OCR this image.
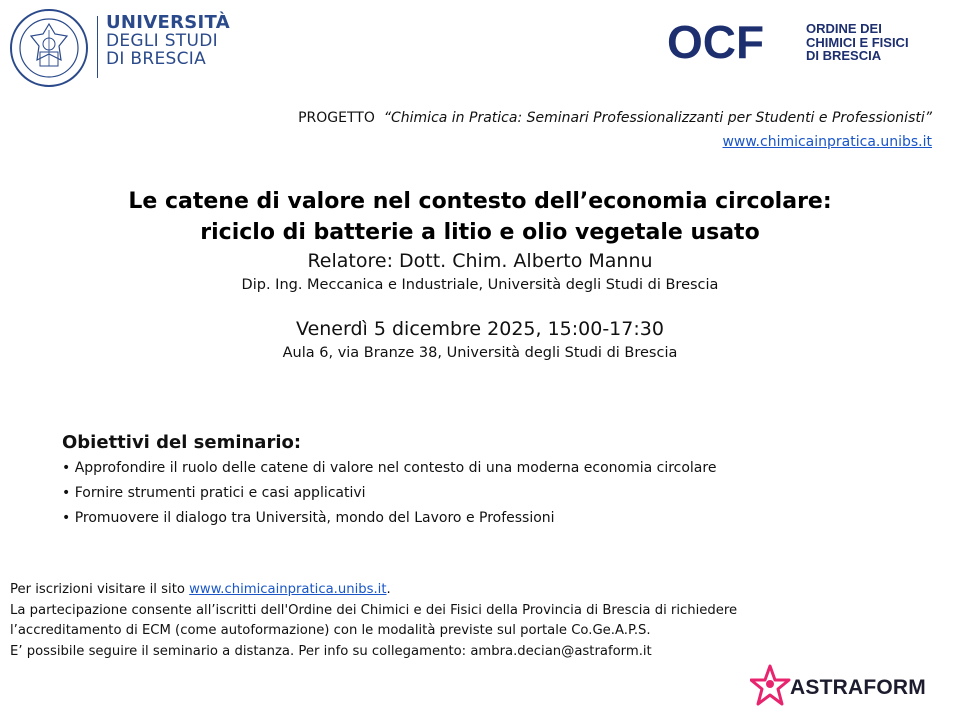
UNIVERSITÀ
DEGLI STUDI
DI BRESCIA	OCF	ORDINE DEI
CHIMICI E FISICI
DI BRESCIA
PROGETTO “Chimica in Pratica: Seminari Professionalizzanti per Studenti e Professionisti”
www.chimicainpratica.unibs.it
Le catene di valore nel contesto dell’economia circolare:
riciclo di batterie a litio e olio vegetale usato
Relatore: Dott. Chim. Alberto Mannu
Dip. Ing. Meccanica e Industriale, Università degli Studi di Brescia
Venerdì 5 dicembre 2025, 15:00-17:30
Aula 6, via Branze 38, Università degli Studi di Brescia
Obiettivi del seminario:
• Approfondire il ruolo delle catene di valore nel contesto di una moderna economia circolare
• Fornire strumenti pratici e casi applicativi
• Promuovere il dialogo tra Università, mondo del Lavoro e Professioni
Per iscrizioni visitare il sito www.chimicainpratica.unibs.it.
La partecipazione consente all’iscritti dell'Ordine dei Chimici e dei Fisici della Provincia di Brescia di richiedere
l’accreditamento di ECM (come autoformazione) con le modalità previste sul portale Co.Ge.A.P.S.
E’ possibile seguire il seminario a distanza. Per info su collegamento: ambra.decian@astraform.it
ASTRAFORM
